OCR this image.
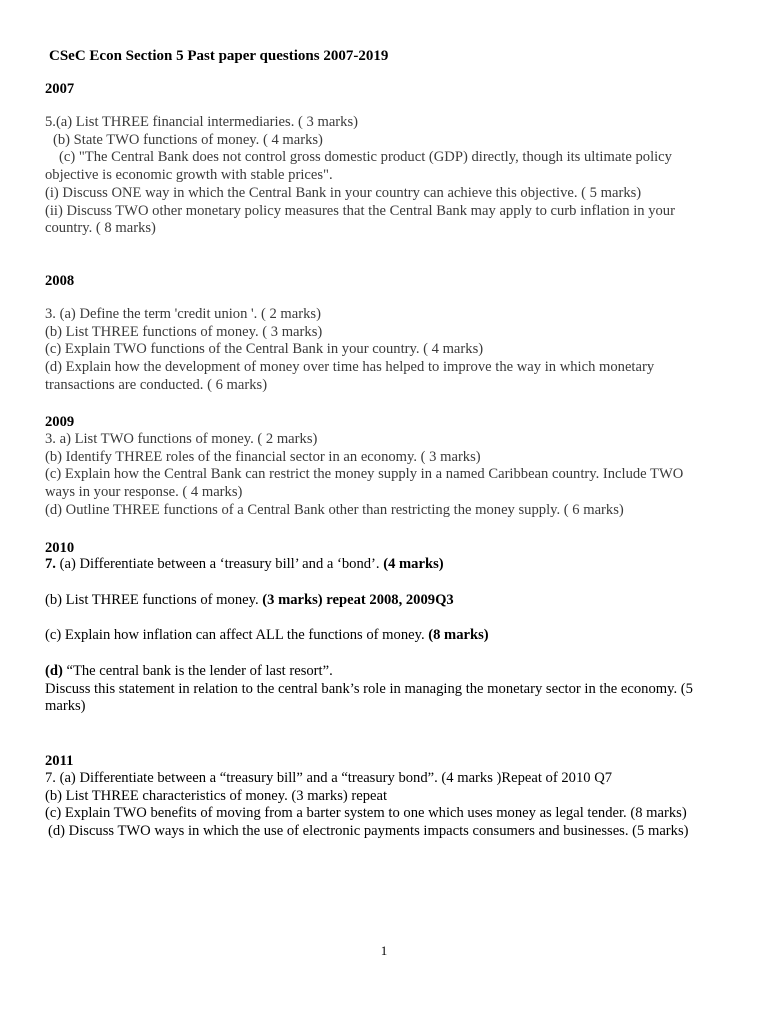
CSeC Econ Section 5 Past paper questions 2007-2019
2007
5.(a) List THREE financial intermediaries. ( 3 marks)
(b) State TWO functions of money. ( 4 marks)
(c) "The Central Bank does not control gross domestic product (GDP) directly, though its ultimate policy
objective is economic growth with stable prices".
(i) Discuss ONE way in which the Central Bank in your country can achieve this objective. ( 5 marks)
(ii) Discuss TWO other monetary policy measures that the Central Bank may apply to curb inflation in your
country. ( 8 marks)
2008
3. (a) Define the term 'credit union '. ( 2 marks)
(b) List THREE functions of money. ( 3 marks)
(c) Explain TWO functions of the Central Bank in your country. ( 4 marks)
(d) Explain how the development of money over time has helped to improve the way in which monetary
transactions are conducted. ( 6 marks)
2009
3. a) List TWO functions of money. ( 2 marks)
(b) Identify THREE roles of the financial sector in an economy. ( 3 marks)
(c) Explain how the Central Bank can restrict the money supply in a named Caribbean country. Include TWO
ways in your response. ( 4 marks)
(d) Outline THREE functions of a Central Bank other than restricting the money supply. ( 6 marks)
2010
7. (a) Differentiate between a ‘treasury bill’ and a ‘bond’. (4 marks)
(b) List THREE functions of money. (3 marks) repeat 2008, 2009Q3
(c) Explain how inflation can affect ALL the functions of money. (8 marks)
(d) “The central bank is the lender of last resort”.
Discuss this statement in relation to the central bank’s role in managing the monetary sector in the economy. (5
marks)
2011
7. (a) Differentiate between a “treasury bill” and a “treasury bond”. (4 marks )Repeat of 2010 Q7
(b) List THREE characteristics of money. (3 marks) repeat
(c) Explain TWO benefits of moving from a barter system to one which uses money as legal tender. (8 marks)
(d) Discuss TWO ways in which the use of electronic payments impacts consumers and businesses. (5 marks)
1
